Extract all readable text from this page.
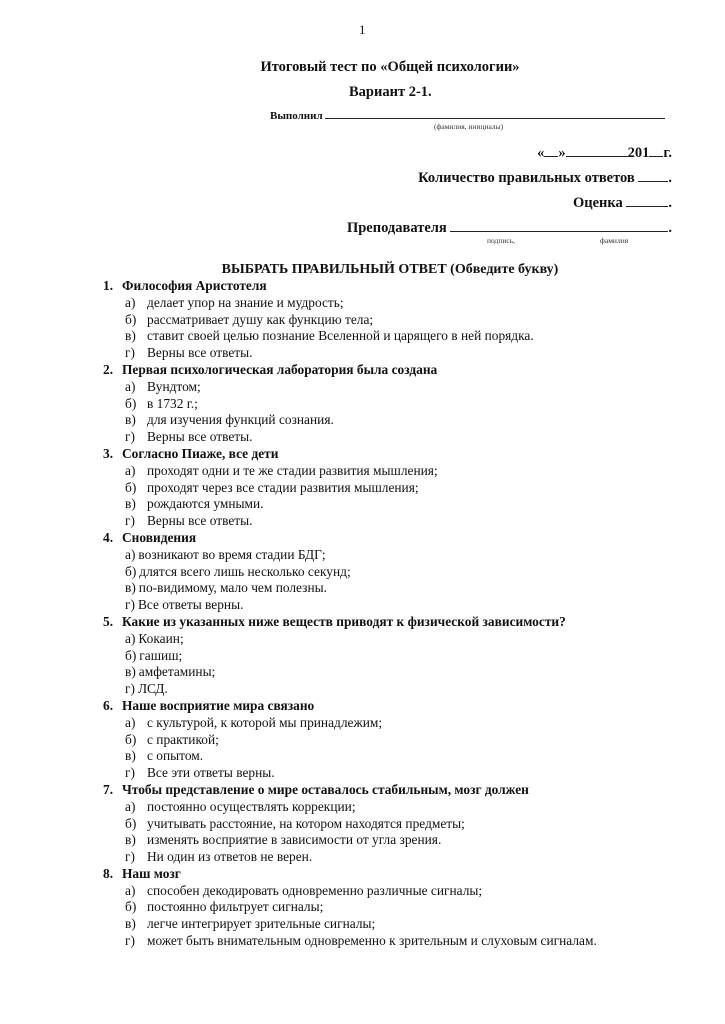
1
Итоговый тест по «Общей психологии»
Вариант 2-1.
Выполнил
(фамилия, инициалы)
« »	201 г.
Количество правильных ответов .
Оценка	.
Преподавателя	.
подпись,	фамилия
ВЫБРАТЬ ПРАВИЛЬНЫЙ ОТВЕТ (Обведите букву)
1. Философия Аристотеля
а) делает упор на знание и мудрость;
б) рассматривает душу как функцию тела;
в) ставит своей целью познание Вселенной и царящего в ней порядка.
г) Верны все ответы.
2. Первая психологическая лаборатория была создана
а) Вундтом;
б) в 1732 г.;
в) для изучения функций сознания.
г) Верны все ответы.
3. Согласно Пиаже, все дети
а) проходят одни и те же стадии развития мышления;
б) проходят через все стадии развития мышления;
в) рождаются умными.
г) Верны все ответы.
4. Сновидения
а) возникают во время стадии БДГ;
б) длятся всего лишь несколько секунд;
в) по-видимому, мало чем полезны.
г) Все ответы верны.
5. Какие из указанных ниже веществ приводят к физической зависимости?
а) Кокаин;
б) гашиш;
в) амфетамины;
г) ЛСД.
6. Наше восприятие мира связано
а) с культурой, к которой мы принадлежим;
б) с практикой;
в) с опытом.
г) Все эти ответы верны.
7. Чтобы представление о мире оставалось стабильным, мозг должен
а) постоянно осуществлять коррекции;
б) учитывать расстояние, на котором находятся предметы;
в) изменять восприятие в зависимости от угла зрения.
г) Ни один из ответов не верен.
8. Наш мозг
а) способен декодировать одновременно различные сигналы;
б) постоянно фильтрует сигналы;
в) легче интегрирует зрительные сигналы;
г) может быть внимательным одновременно к зрительным и слуховым сигналам.
